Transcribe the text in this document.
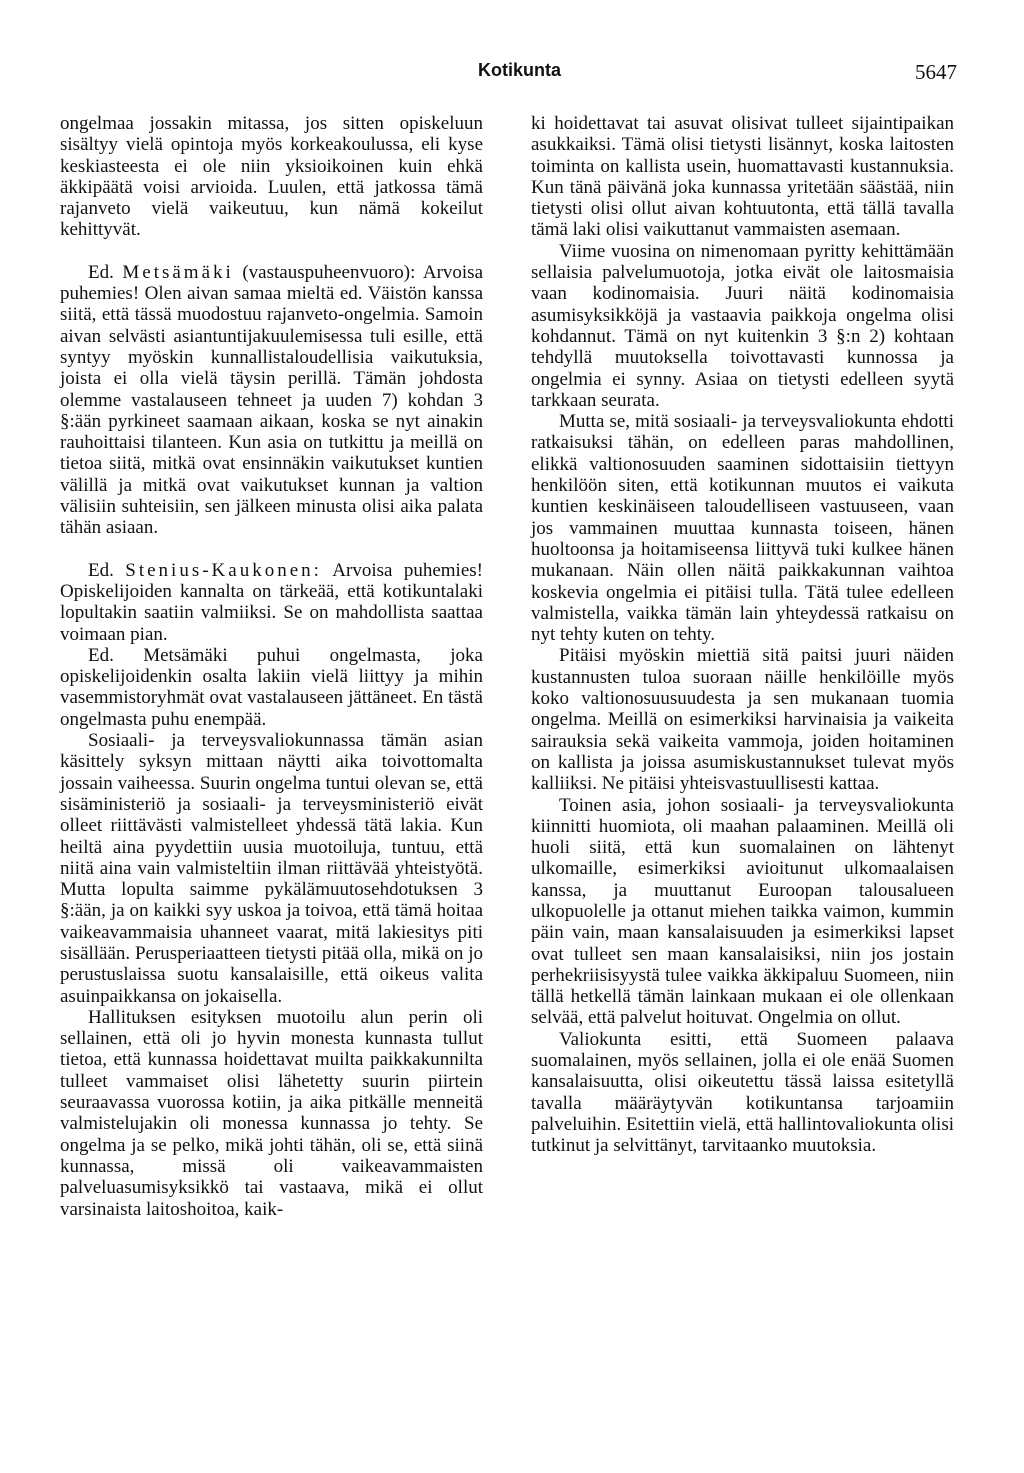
Kotikunta	5647

ongelmaa jossakin mitassa, jos sitten opiskeluun sisältyy vielä opintoja myös korkeakoulussa, eli kyse keskiasteesta ei ole niin yksioikoinen kuin ehkä äkkipäätä voisi arvioida. Luulen, että jatkossa tämä rajanveto vielä vaikeutuu, kun nämä kokeilut kehittyvät.

Ed. Metsämäki (vastauspuheenvuoro): Arvoisa puhemies! Olen aivan samaa mieltä ed. Väistön kanssa siitä, että tässä muodostuu rajanveto-ongelmia. Samoin aivan selvästi asiantuntijakuulemisessa tuli esille, että syntyy myöskin kunnallistaloudellisia vaikutuksia, joista ei olla vielä täysin perillä. Tämän johdosta olemme vastalauseen tehneet ja uuden 7) kohdan 3 §:ään pyrkineet saamaan aikaan, koska se nyt ainakin rauhoittaisi tilanteen. Kun asia on tutkittu ja meillä on tietoa siitä, mitkä ovat ensinnäkin vaikutukset kuntien välillä ja mitkä ovat vaikutukset kunnan ja valtion välisiin suhteisiin, sen jälkeen minusta olisi aika palata tähän asiaan.

Ed. Stenius-Kaukonen: Arvoisa puhemies! Opiskelijoiden kannalta on tärkeää, että kotikuntalaki lopultakin saatiin valmiiksi. Se on mahdollista saattaa voimaan pian.

Ed. Metsämäki puhui ongelmasta, joka opiskelijoidenkin osalta lakiin vielä liittyy ja mihin vasemmistoryhmät ovat vastalauseen jättäneet. En tästä ongelmasta puhu enempää.

Sosiaali- ja terveysvaliokunnassa tämän asian käsittely syksyn mittaan näytti aika toivottomalta jossain vaiheessa. Suurin ongelma tuntui olevan se, että sisäministeriö ja sosiaali- ja terveysministeriö eivät olleet riittävästi valmistelleet yhdessä tätä lakia. Kun heiltä aina pyydettiin uusia muotoiluja, tuntuu, että niitä aina vain valmisteltiin ilman riittävää yhteistyötä. Mutta lopulta saimme pykälämuutosehdotuksen 3 §:ään, ja on kaikki syy uskoa ja toivoa, että tämä hoitaa vaikeavammaisia uhanneet vaarat, mitä lakiesitys piti sisällään. Perusperiaatteen tietysti pitää olla, mikä on jo perustuslaissa suotu kansalaisille, että oikeus valita asuinpaikkansa on jokaisella.

Hallituksen esityksen muotoilu alun perin oli sellainen, että oli jo hyvin monesta kunnasta tullut tietoa, että kunnassa hoidettavat muilta paikkakunnilta tulleet vammaiset olisi lähetetty suurin piirtein seuraavassa vuorossa kotiin, ja aika pitkälle menneitä valmistelujakin oli monessa kunnassa jo tehty. Se ongelma ja se pelko, mikä johti tähän, oli se, että siinä kunnassa, missä oli vaikeavammaisten palveluasumisyksikkö tai vastaava, mikä ei ollut varsinaista laitoshoitoa, kaik-

ki hoidettavat tai asuvat olisivat tulleet sijaintipaikan asukkaiksi. Tämä olisi tietysti lisännyt, koska laitosten toiminta on kallista usein, huomattavasti kustannuksia. Kun tänä päivänä joka kunnassa yritetään säästää, niin tietysti olisi ollut aivan kohtuutonta, että tällä tavalla tämä laki olisi vaikuttanut vammaisten asemaan.

Viime vuosina on nimenomaan pyritty kehittämään sellaisia palvelumuotoja, jotka eivät ole laitosmaisia vaan kodinomaisia. Juuri näitä kodinomaisia asumisyksikköjä ja vastaavia paikkoja ongelma olisi kohdannut. Tämä on nyt kuitenkin 3 §:n 2) kohtaan tehdyllä muutoksella toivottavasti kunnossa ja ongelmia ei synny. Asiaa on tietysti edelleen syytä tarkkaan seurata.

Mutta se, mitä sosiaali- ja terveysvaliokunta ehdotti ratkaisuksi tähän, on edelleen paras mahdollinen, elikkä valtionosuuden saaminen sidottaisiin tiettyyn henkilöön siten, että kotikunnan muutos ei vaikuta kuntien keskinäiseen taloudelliseen vastuuseen, vaan jos vammainen muuttaa kunnasta toiseen, hänen huoltoonsa ja hoitamiseensa liittyvä tuki kulkee hänen mukanaan. Näin ollen näitä paikkakunnan vaihtoa koskevia ongelmia ei pitäisi tulla. Tätä tulee edelleen valmistella, vaikka tämän lain yhteydessä ratkaisu on nyt tehty kuten on tehty.

Pitäisi myöskin miettiä sitä paitsi juuri näiden kustannusten tuloa suoraan näille henkilöille myös koko valtionosuusuudesta ja sen mukanaan tuomia ongelma. Meillä on esimerkiksi harvinaisia ja vaikeita sairauksia sekä vaikeita vammoja, joiden hoitaminen on kallista ja joissa asumiskustannukset tulevat myös kalliiksi. Ne pitäisi yhteisvastuullisesti kattaa.

Toinen asia, johon sosiaali- ja terveysvaliokunta kiinnitti huomiota, oli maahan palaaminen. Meillä oli huoli siitä, että kun suomalainen on lähtenyt ulkomaille, esimerkiksi avioitunut ulkomaalaisen kanssa, ja muuttanut Euroopan talousalueen ulkopuolelle ja ottanut miehen taikka vaimon, kummin päin vain, maan kansalaisuuden ja esimerkiksi lapset ovat tulleet sen maan kansalaisiksi, niin jos jostain perhekriisisyystä tulee vaikka äkkipaluu Suomeen, niin tällä hetkellä tämän lainkaan mukaan ei ole ollenkaan selvää, että palvelut hoituvat. Ongelmia on ollut.

Valiokunta esitti, että Suomeen palaava suomalainen, myös sellainen, jolla ei ole enää Suomen kansalaisuutta, olisi oikeutettu tässä laissa esitetyllä tavalla määräytyvän kotikuntansa tarjoamiin palveluihin. Esitettiin vielä, että hallintovaliokunta olisi tutkinut ja selvittänyt, tarvitaanko muutoksia.
